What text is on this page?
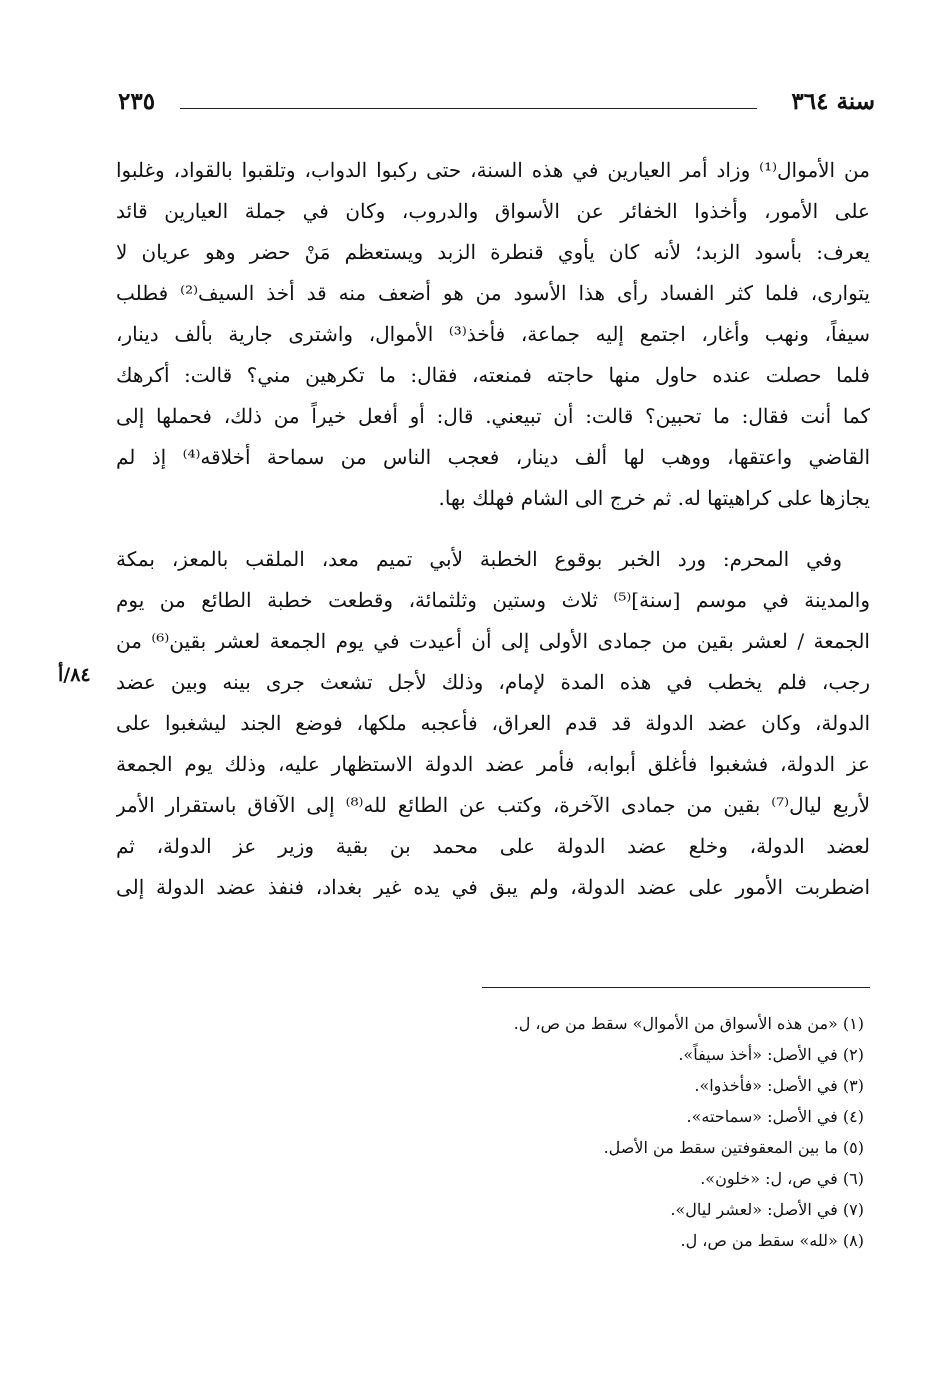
سنة ٣٦٤
٢٣٥
من الأموال⁽¹⁾ وزاد أمر العيارين في هذه السنة، حتى ركبوا الدواب، وتلقبوا بالقواد، وغلبوا
على الأمور، وأخذوا الخفائر عن الأسواق والدروب، وكان في جملة العيارين قائد
يعرف: بأسود الزبد؛ لأنه كان يأوي قنطرة الزبد ويستعظم مَنْ حضر وهو عريان لا
يتوارى، فلما كثر الفساد رأى هذا الأسود من هو أضعف منه قد أخذ السيف⁽²⁾ فطلب
سيفاً، ونهب وأغار، اجتمع إليه جماعة، فأخذ⁽³⁾ الأموال، واشترى جارية بألف دينار،
فلما حصلت عنده حاول منها حاجته فمنعته، فقال: ما تكرهين مني؟ قالت: أكرهك
كما أنت فقال: ما تحبين؟ قالت: أن تبيعني. قال: أو أفعل خيراً من ذلك، فحملها إلى
القاضي واعتقها، ووهب لها ألف دينار، فعجب الناس من سماحة أخلاقه⁽⁴⁾ إذ لم
يجازها على كراهيتها له. ثم خرج الى الشام فهلك بها.
وفي المحرم: ورد الخبر بوقوع الخطبة لأبي تميم معد، الملقب بالمعز، بمكة
والمدينة في موسم [سنة]⁽⁵⁾ ثلاث وستين وثلثمائة، وقطعت خطبة الطائع من يوم
الجمعة / لعشر بقين من جمادى الأولى إلى أن أعيدت في يوم الجمعة لعشر بقين⁽⁶⁾ من
رجب، فلم يخطب في هذه المدة لإمام، وذلك لأجل تشعث جرى بينه وبين عضد
الدولة، وكان عضد الدولة قد قدم العراق، فأعجبه ملكها، فوضع الجند ليشغبوا على
عز الدولة، فشغبوا فأغلق أبوابه، فأمر عضد الدولة الاستظهار عليه، وذلك يوم الجمعة
لأربع ليال⁽⁷⁾ بقين من جمادى الآخرة، وكتب عن الطائع لله⁽⁸⁾ إلى الآفاق باستقرار الأمر
لعضد الدولة، وخلع عضد الدولة على محمد بن بقية وزير عز الدولة، ثم
اضطربت الأمور على عضد الدولة، ولم يبق في يده غير بغداد، فنفذ عضد الدولة إلى
٨٤/أ
(١) «من هذه الأسواق من الأموال» سقط من ص، ل.
(٢) في الأصل: «أخذ سيفاً».
(٣) في الأصل: «فأخذوا».
(٤) في الأصل: «سماحته».
(٥) ما بين المعقوفتين سقط من الأصل.
(٦) في ص، ل: «خلون».
(٧) في الأصل: «لعشر ليال».
(٨) «لله» سقط من ص، ل.
